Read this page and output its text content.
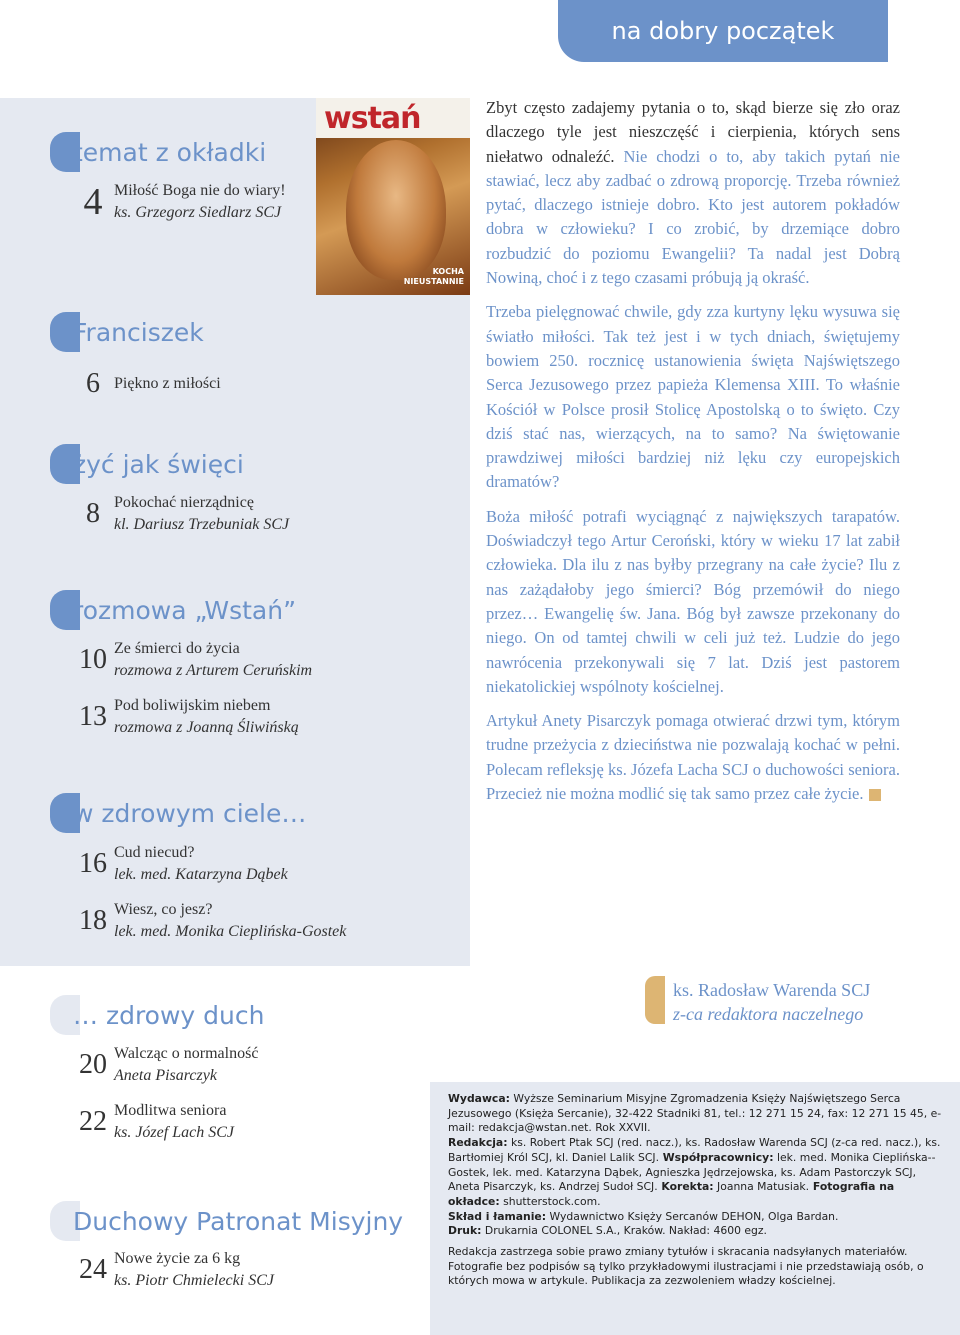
na dobry początek
wstań
KOCHA
NIEUSTANNIE
temat z okładki
4 Miłość Boga nie do wiary!
ks. Grzegorz Siedlarz SCJ
Franciszek
6 Piękno z miłości
żyć jak święci
8 Pokochać nierządnicę
kl. Dariusz Trzebuniak SCJ
rozmowa „Wstań”
10 Ze śmierci do życia
rozmowa z Arturem Ceruńskim
13 Pod boliwijskim niebem
rozmowa z Joanną Śliwińską
w zdrowym ciele…
16 Cud niecud?
lek. med. Katarzyna Dąbek
18 Wiesz, co jesz?
lek. med. Monika Cieplińska-Gostek
… zdrowy duch
20 Walcząc o normalność
Aneta Pisarczyk
22 Modlitwa seniora
ks. Józef Lach SCJ
Duchowy Patronat Misyjny
24 Nowe życie za 6 kg
ks. Piotr Chmielecki SCJ

Zbyt często zadajemy pytania o to, skąd bierze się zło oraz dlaczego tyle jest nieszczęść i cierpienia, których sens niełatwo odnaleźć. Nie chodzi o to, aby takich pytań nie stawiać, lecz aby zadbać o zdrową proporcję. Trzeba również pytać, dlaczego istnieje dobro. Kto jest autorem pokładów dobra w człowieku? I co zrobić, by drzemiące dobro rozbudzić do poziomu Ewangelii? Ta nadal jest Dobrą Nowiną, choć i z tego czasami próbują ją okraść.

Trzeba pielęgnować chwile, gdy zza kurtyny lęku wysuwa się światło miłości. Tak też jest i w tych dniach, świętujemy bowiem 250. rocznicę ustanowienia święta Najświętszego Serca Jezusowego przez papieża Klemensa XIII. To właśnie Kościół w Polsce prosił Stolicę Apostolską o to święto. Czy dziś stać nas, wierzących, na to samo? Na świętowanie prawdziwej miłości bardziej niż lęku czy europejskich dramatów?

Boża miłość potrafi wyciągnąć z największych tarapatów. Doświadczył tego Artur Ceroński, który w wieku 17 lat zabił człowieka. Dla ilu z nas byłby przegrany na całe życie? Ilu z nas zażądałoby jego śmierci? Bóg przemówił do niego przez… Ewangelię św. Jana. Bóg był zawsze przekonany do niego. On od tamtej chwili w celi już też. Ludzie do jego nawrócenia przekonywali się 7 lat. Dziś jest pastorem niekatolickiej wspólnoty kościelnej.

Artykuł Anety Pisarczyk pomaga otwierać drzwi tym, którym trudne przeżycia z dzieciństwa nie pozwalają kochać w pełni. Polecam refleksję ks. Józefa Lacha SCJ o duchowości seniora. Przecież nie można modlić się tak samo przez całe życie.

ks. Radosław Warenda SCJ
z-ca redaktora naczelnego

Wydawca: Wyższe Seminarium Misyjne Zgromadzenia Księży Najświętszego Serca Jezusowego (Księża Sercanie), 32-422 Stadniki 81, tel.: 12 271 15 24, fax: 12 271 15 45, e-mail: redakcja@wstan.net. Rok XXVII.
Redakcja: ks. Robert Ptak SCJ (red. nacz.), ks. Radosław Warenda SCJ (z-ca red. nacz.), ks. Bartłomiej Król SCJ, kl. Daniel Lalik SCJ. Współpracownicy: lek. med. Monika Cieplińska--Gostek, lek. med. Katarzyna Dąbek, Agnieszka Jędrzejowska, ks. Adam Pastorczyk SCJ, Aneta Pisarczyk, ks. Andrzej Sudoł SCJ. Korekta: Joanna Matusiak. Fotografia na okładce: shutterstock.com.
Skład i łamanie: Wydawnictwo Księży Sercanów DEHON, Olga Bardan.
Druk: Drukarnia COLONEL S.A., Kraków. Nakład: 4600 egz.

Redakcja zastrzega sobie prawo zmiany tytułów i skracania nadsyłanych materiałów. Fotografie bez podpisów są tylko przykładowymi ilustracjami i nie przedstawiają osób, o których mowa w artykule. Publikacja za zezwoleniem władzy kościelnej.
